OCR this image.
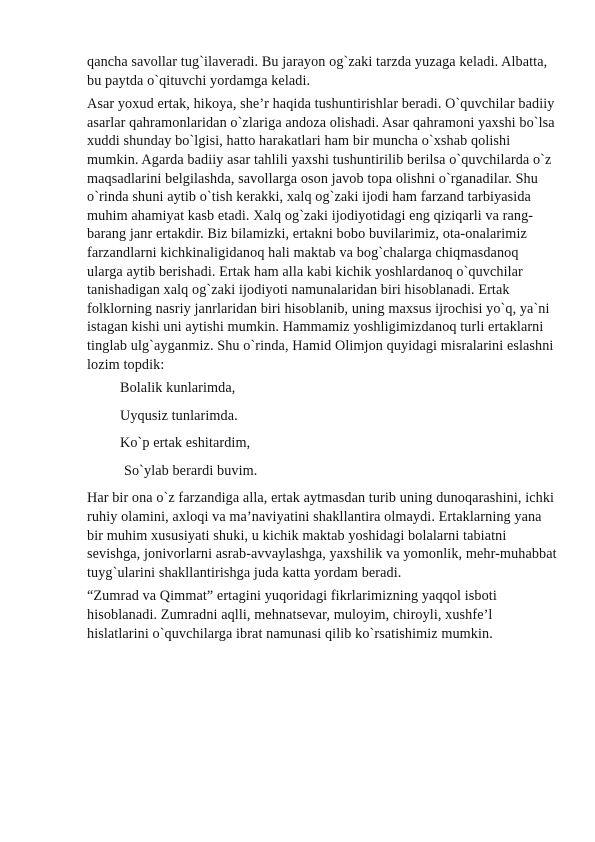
qancha savollar tug`ilaveradi. Bu jarayon og`zaki tarzda yuzaga keladi. Albatta, bu paytda o`qituvchi yordamga keladi.

Asar yoxud ertak, hikoya, she’r haqida tushuntirishlar beradi. O`quvchilar badiiy asarlar qahramonlaridan o`zlariga andoza olishadi. Asar qahramoni yaxshi bo`lsa xuddi shunday bo`lgisi, hatto harakatlari ham bir muncha o`xshab qolishi mumkin. Agarda badiiy asar tahlili yaxshi tushuntirilib berilsa o`quvchilarda o`z maqsadlarini belgilashda, savollarga oson javob topa olishni o`rganadilar. Shu o`rinda shuni aytib o`tish kerakki, xalq og`zaki ijodi ham farzand tarbiyasida muhim ahamiyat kasb etadi. Xalq og`zaki ijodiyotidagi eng qiziqarli va rang-barang janr ertakdir. Biz bilamizki, ertakni bobo buvilarimiz, ota-onalarimiz farzandlarni kichkinaligidanoq hali maktab va bog`chalarga chiqmasdanoq ularga aytib berishadi. Ertak ham alla kabi kichik yoshlardanoq o`quvchilar tanishadigan xalq og`zaki ijodiyoti namunalaridan biri hisoblanadi. Ertak folklorning nasriy janrlaridan biri hisoblanib, uning maxsus ijrochisi yo`q, ya`ni istagan kishi uni aytishi mumkin. Hammamiz yoshligimizdanoq turli ertaklarni tinglab ulg`ayganmiz. Shu o`rinda, Hamid Olimjon quyidagi misralarini eslashni lozim topdik:

Bolalik kunlarimda,
Uyqusiz tunlarimda.
Ko`p ertak eshitardim,
So`ylab berardi buvim.

Har bir ona o`z farzandiga alla, ertak aytmasdan turib uning dunoqarashini, ichki ruhiy olamini, axloqi va ma’naviyatini shakllantira olmaydi. Ertaklarning yana bir muhim xususiyati shuki, u kichik maktab yoshidagi bolalarni tabiatni sevishga, jonivorlarni asrab-avvaylashga, yaxshilik va yomonlik, mehr-muhabbat tuyg`ularini shakllantirishga juda katta yordam beradi.

“Zumrad va Qimmat” ertagini yuqoridagi fikrlarimizning yaqqol isboti hisoblanadi. Zumradni aqlli, mehnatsevar, muloyim, chiroyli, xushfe’l hislatlarini o`quvchilarga ibrat namunasi qilib ko`rsatishimiz mumkin.
